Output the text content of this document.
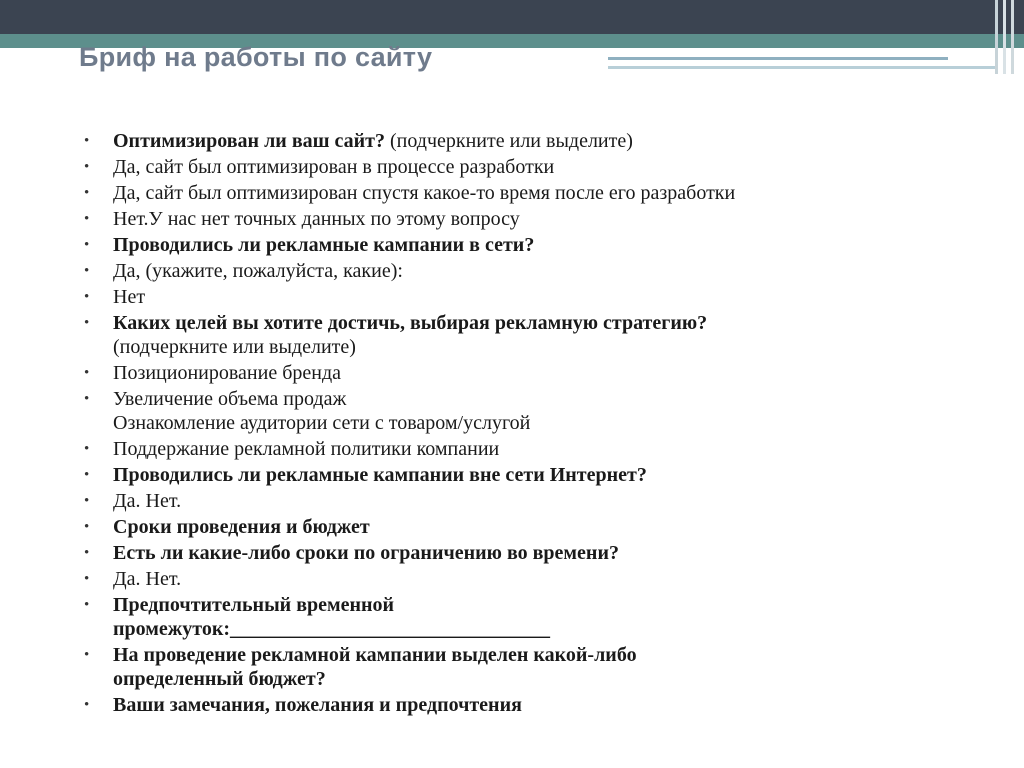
Бриф на работы по сайту
• Оптимизирован ли ваш сайт? (подчеркните или выделите)
• Да, сайт был оптимизирован в процессе разработки
• Да, сайт был оптимизирован спустя какое-то время после его разработки
• Нет.У нас нет точных данных по этому вопросу
• Проводились ли рекламные кампании в сети?
• Да, (укажите, пожалуйста, какие):
• Нет
• Каких целей вы хотите достичь, выбирая рекламную стратегию?
(подчеркните или выделите)
• Позиционирование бренда
• Увеличение объема продаж
Ознакомление аудитории сети с товаром/услугой
• Поддержание рекламной политики компании
• Проводились ли рекламные кампании вне сети Интернет?
• Да. Нет.
• Сроки проведения и бюджет
• Есть ли какие-либо сроки по ограничению во времени?
• Да. Нет.
• Предпочтительный временной
промежуток:________________________________
• На проведение рекламной кампании выделен какой-либо
определенный бюджет?
• Ваши замечания, пожелания и предпочтения
